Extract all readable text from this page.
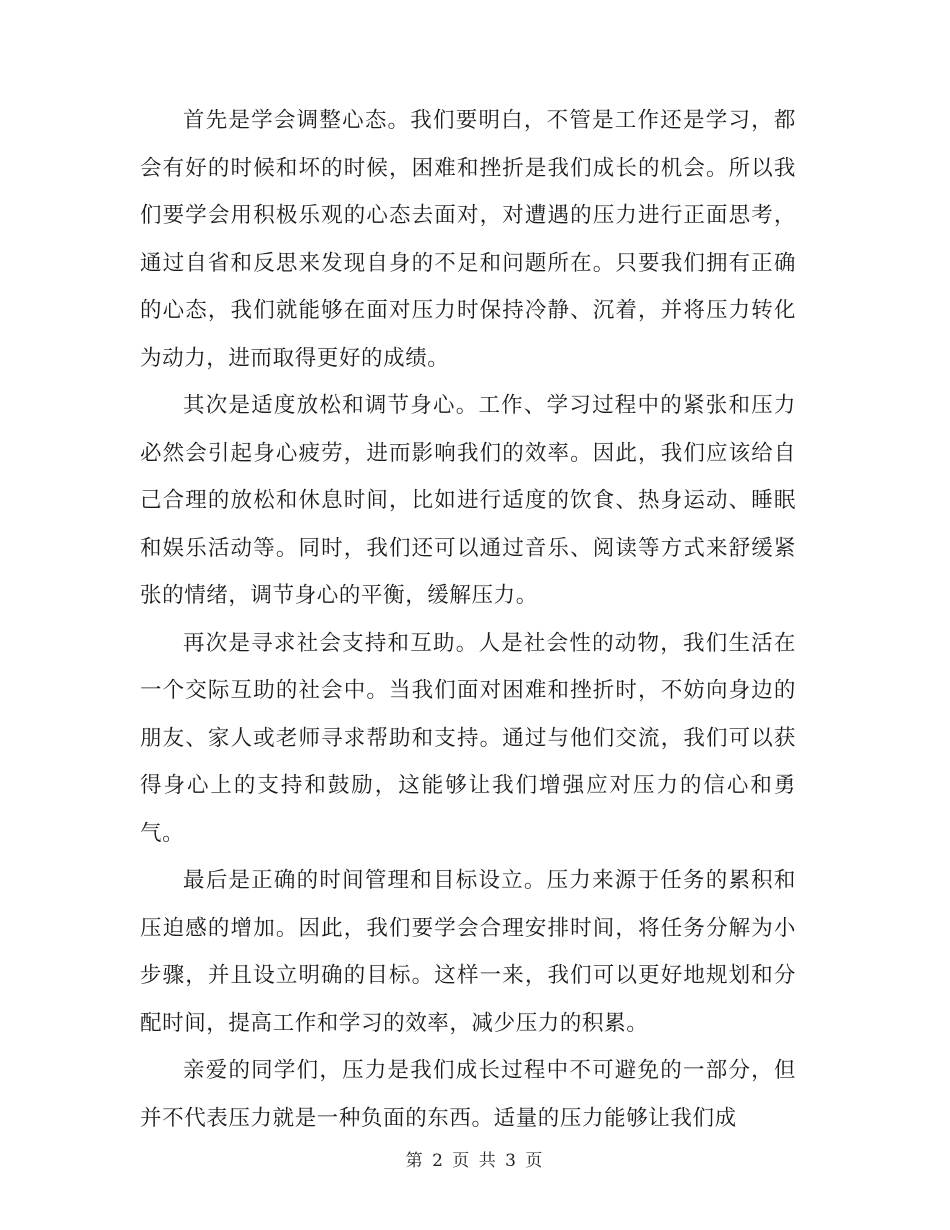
首先是学会调整心态。我们要明白，不管是工作还是学习，都会有好的时候和坏的时候，困难和挫折是我们成长的机会。所以我们要学会用积极乐观的心态去面对，对遭遇的压力进行正面思考，通过自省和反思来发现自身的不足和问题所在。只要我们拥有正确的心态，我们就能够在面对压力时保持冷静、沉着，并将压力转化为动力，进而取得更好的成绩。

其次是适度放松和调节身心。工作、学习过程中的紧张和压力必然会引起身心疲劳，进而影响我们的效率。因此，我们应该给自己合理的放松和休息时间，比如进行适度的饮食、热身运动、睡眠和娱乐活动等。同时，我们还可以通过音乐、阅读等方式来舒缓紧张的情绪，调节身心的平衡，缓解压力。

再次是寻求社会支持和互助。人是社会性的动物，我们生活在一个交际互助的社会中。当我们面对困难和挫折时，不妨向身边的朋友、家人或老师寻求帮助和支持。通过与他们交流，我们可以获得身心上的支持和鼓励，这能够让我们增强应对压力的信心和勇气。

最后是正确的时间管理和目标设立。压力来源于任务的累积和压迫感的增加。因此，我们要学会合理安排时间，将任务分解为小步骤，并且设立明确的目标。这样一来，我们可以更好地规划和分配时间，提高工作和学习的效率，减少压力的积累。

亲爱的同学们，压力是我们成长过程中不可避免的一部分，但并不代表压力就是一种负面的东西。适量的压力能够让我们成

第 2 页 共 3 页
